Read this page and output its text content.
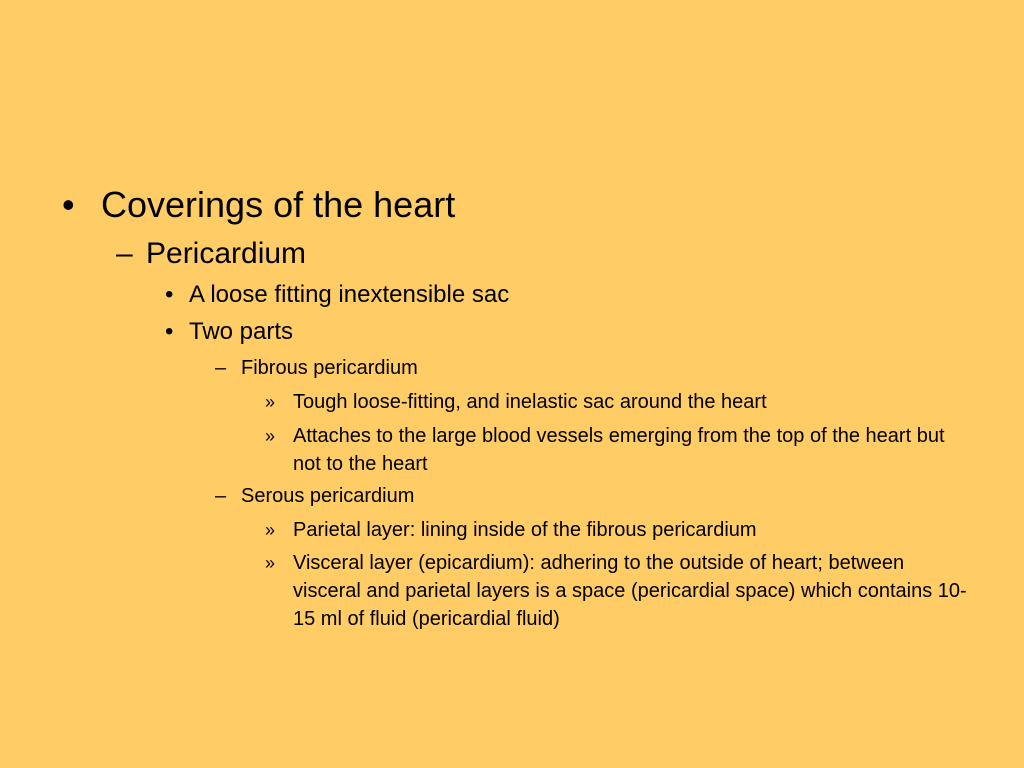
• Coverings of the heart
– Pericardium
• A loose fitting inextensible sac
• Two parts
– Fibrous pericardium
» Tough loose-fitting, and inelastic sac around the heart
» Attaches to the large blood vessels emerging from the top of the heart but not to the heart
– Serous pericardium
» Parietal layer: lining inside of the fibrous pericardium
» Visceral layer (epicardium): adhering to the outside of heart; between visceral and parietal layers is a space (pericardial space) which contains 10-15 ml of fluid (pericardial fluid)
